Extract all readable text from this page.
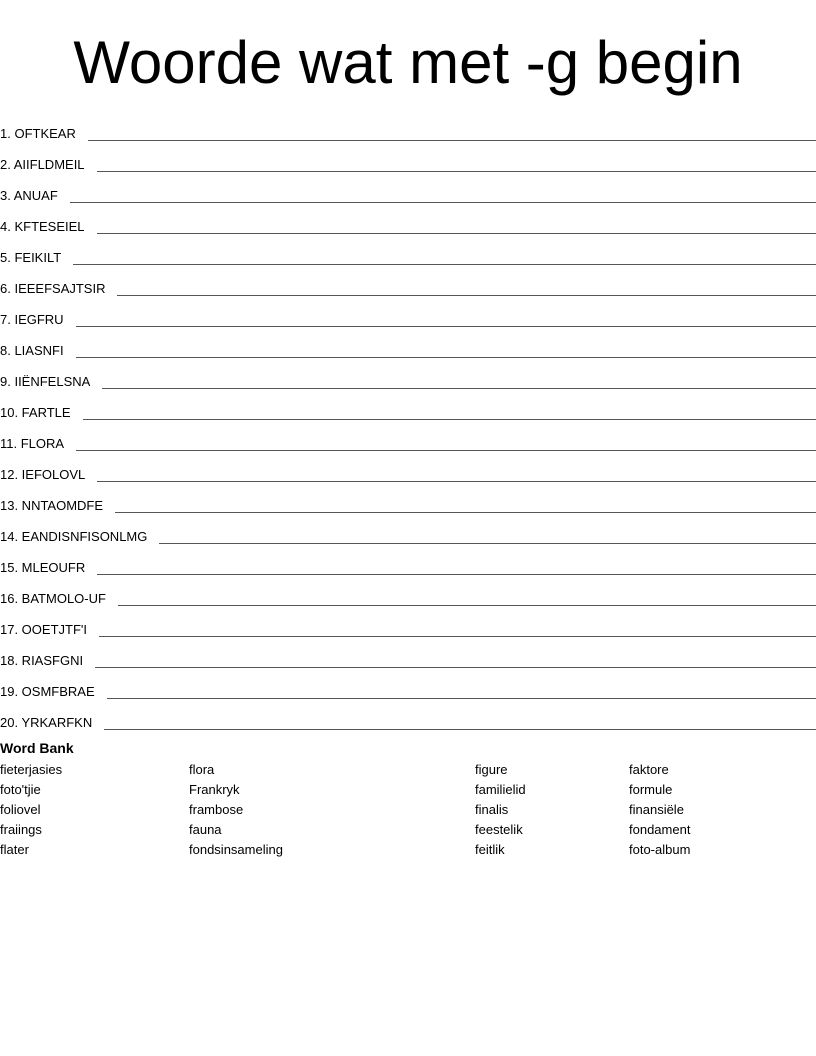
Woorde wat met -g begin
1. OFTKEAR
2. AIIFLDMEIL
3. ANUAF
4. KFTESEIEL
5. FEIKILT
6. IEEEFSAJTSIR
7. IEGFRU
8. LIASNFI
9. IIËNFELSNA
10. FARTLE
11. FLORA
12. IEFOLOVL
13. NNTAOMDFE
14. EANDISNFISONLMG
15. MLEOUFR
16. BATMOLO-UF
17. OOETJTF'I
18. RIASFGNI
19. OSMFBRAE
20. YRKARFKN
Word Bank
fieterjasies
foto'tjie
foliovel
fraiings
flater
flora
Frankryk
frambose
fauna
fondsinsameling
figure
familielid
finalis
feestelik
feitlik
faktore
formule
finansiële
fondament
foto-album
